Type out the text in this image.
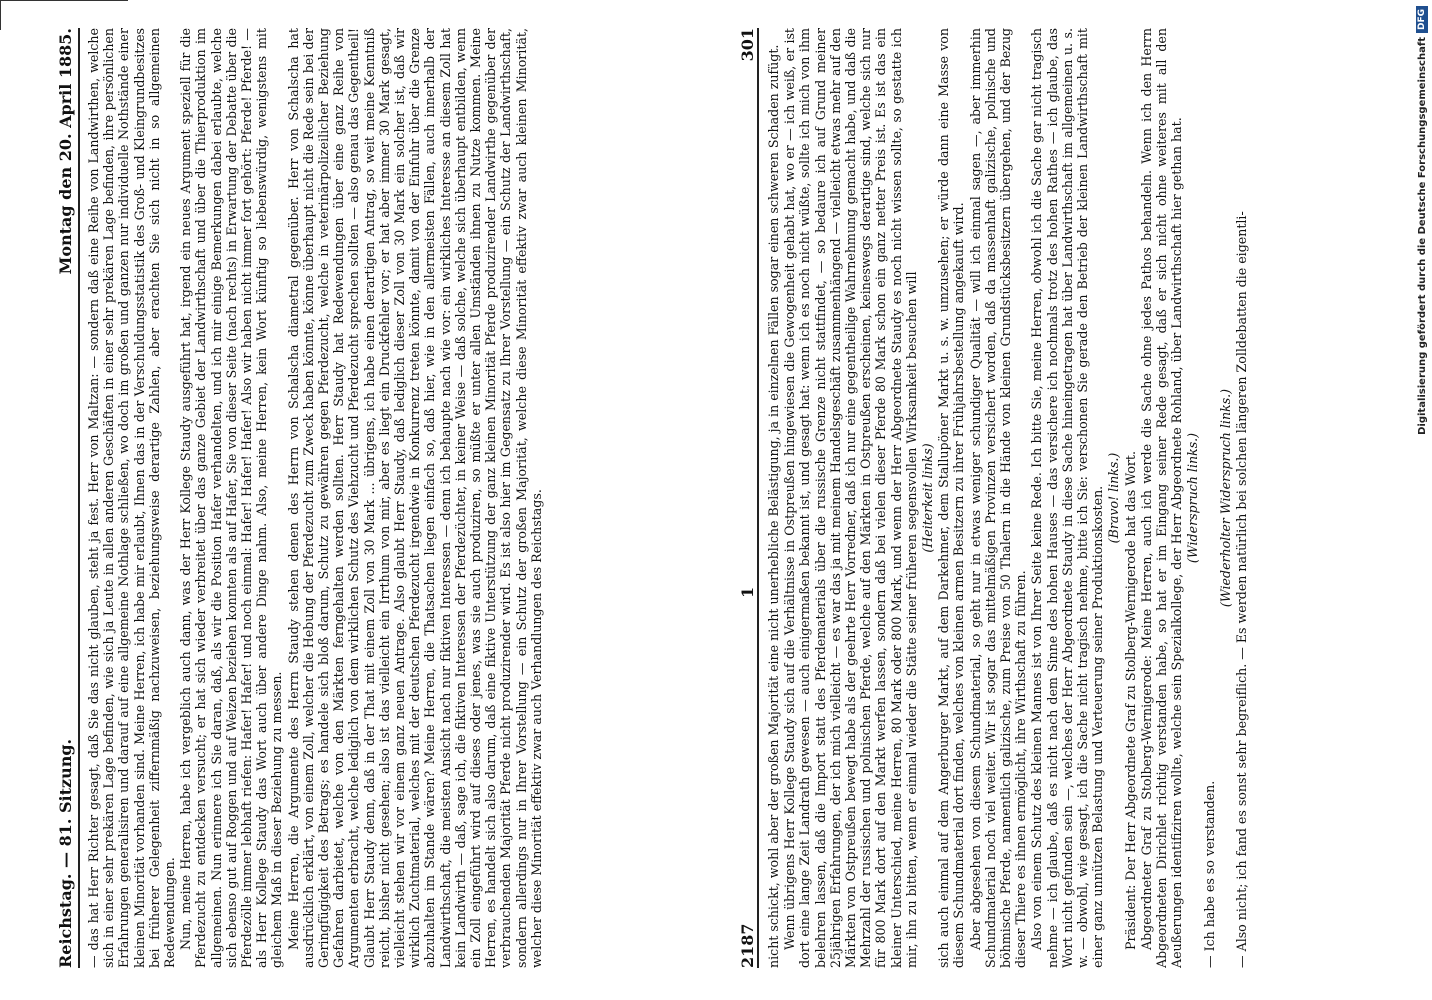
Reichstag. — 81. Sitzung.
Montag den 20. April 1885. — das hat Herr Richter gesagt, daß Sie das nicht glauben, steht ja fest. Herr von Maltzan: — sondern daß eine Reihe von Landwirthen, welche sich in einer sehr prekären Lage befinden, wie sich ja Leute in allen anderen Geschäften in einer sehr prekären Lage befinden, ihre persönlichen Erfahrungen generalisiren und darauf auf eine allgemeine Nothlage schließen, wo doch im großen und ganzen nur individuelle Nothstände einer kleinen Minorität vorhanden sind. Meine Herren, ich habe mir erlaubt, Ihnen das in der Verschuldungsstatistik des Groß- und Kleingrundbesitzes bei früherer Gelegenheit ziffernmäßig nachzuweisen, beziehungsweise derartige Zahlen, aber erachten Sie sich nicht in so allgemeinen Redewendungen. Nun, meine Herren, habe ich vergeblich auch dann, was der Herr Kollege Staudy ausgeführt hat, irgend ein neues Argument speziell für die Pferdezucht zu entdecken versucht; er hat sich wieder verbreitet über das ganze Gebiet der Landwirthschaft und über die Thierproduktion im allgemeinen. Nun erinnere ich Sie daran, daß, als wir die Position Hafer verhandelten, und ich mir einige Bemerkungen dabei erlaubte, welche sich ebenso gut auf Roggen und auf Weizen beziehen konnten als auf Hafer, Sie von dieser Seite (nach rechts) in Erwartung der Debatte über die Pferdezölle immer lebhaft riefen: Hafer! Hafer! und noch einmal: Hafer! Hafer! Hafer! Also wir haben nicht immer fort gehört: Pferde! Pferde! — als Herr Kollege Staudy das Wort auch über andere Dinge nahm. Also, meine Herren, kein Wort künftig so liebenswürdig, wenigstens mit gleichem Maß in dieser Beziehung zu messen. Meine Herren, die Argumente des Herrn Staudy stehen denen des Herrn von Schalscha diametral gegenüber. Herr von Schalscha hat ausdrücklich erklärt, von einem Zoll, welcher die Hebung der Pferdezucht zum Zweck haben könnte, könne überhaupt nicht die Rede sein bei der Geringfügigkeit des Betrags; es handele sich bloß darum, Schutz zu gewähren gegen Pferdezucht, welche in veterinärpolizeilicher Beziehung Gefahren darbietet, welche von den Märkten ferngehalten werden sollten. Herr Staudy hat Redewendungen über eine ganz Reihe von Argumenten erbracht, welche lediglich von dem wirklichen Schutz des Viehzucht und Pferdezucht sprechen sollten — also genau das Gegentheil! Glaubt Herr Staudy denn, daß in der That mit einem Zoll von 30 Mark ... übrigens, ich habe einen derartigen Antrag, so weit meine Kenntniß reicht, bisher nicht gesehen; also ist das vielleicht ein Irrthum von mir, aber es liegt ein Druckfehler vor; er hat aber immer 30 Mark gesagt, vielleicht stehen wir vor einem ganz neuen Antrage. Also glaubt Herr Staudy, daß lediglich dieser Zoll von 30 Mark ein solcher ist, daß wir wirklich Zuchtmaterial, welches mit der deutschen Pferdezucht irgendwie in Konkurrenz treten könnte, damit von der Einfuhr über die Grenze abzuhalten im Stande wären? Meine Herren, die Thatsachen liegen einfach so, daß hier, wie in den allermeisten Fällen, auch innerhalb der Landwirthschaft, die meisten Ansicht nach nur fiktiven Interessen — denn ich behaupte nach wie vor: ein wirkliches Interesse an diesem Zoll hat kein Landwirth — daß, sage ich, die fiktiven Interessen der Pferdezüchter, in keiner Weise — daß solche, welche sich überhaupt entbilden, wenn ein Zoll eingeführt wird auf dieses oder jenes, was sie auch produziren, so müßte er unter allen Umständen ihnen zu Nutze kommen. Meine Herren, es handelt sich also darum, daß eine fiktive Unterstützung der ganz kleinen Minorität Pferde produzirender Landwirthe gegenüber der verbrauchenden Majorität Pferde nicht produzirender wird. Es ist also hier im Gegensatz zu Ihrer Vorstellung — ein Schutz der Landwirthschaft, sondern allerdings nur in Ihrer Vorstellung — ein Schutz der großen Majorität, welche diese Minorität effektiv zwar auch kleinen Minorität, welcher diese Minorität effektiv zwar auch Verhandlungen des Reichstags.	2187
1
301 nicht schickt, wohl aber der großen Majorität eine nicht unerhebliche Belästigung, ja in einzelnen Fällen sogar einen schweren Schaden zufügt. Wenn übrigens Herr Kollege Staudy sich auf die Verhältnisse in Ostpreußen hingewiesen die Gewogenheit gehabt hat, wo er — ich weiß, er ist dort eine lange Zeit Landrath gewesen — auch einigermaßen bekannt ist, und gesagt hat: wenn ich es noch nicht wüßte, sollte ich mich von ihm belehren lassen, daß die Import statt des Pferdematerials über die russische Grenze nicht stattfindet, — so bedaure ich auf Grund meiner 25jährigen Erfahrungen, der ich mich vielleicht — es war das ja mit meinem Handelsgeschäft zusammenhängend — vielleicht etwas mehr auf den Märkten von Ostpreußen bewegt habe als der geehrte Herr Vorredner, daß ich nur eine gegentheilige Wahrnehmung gemacht habe, und daß die Mehrzahl der russischen und polnischen Pferde, welche auf den Märkten in Ostpreußen erscheinen, keineswegs derartige sind, welche sich nur für 800 Mark dort auf den Markt werfen lassen, sondern daß bei vielen dieser Pferde 80 Mark schon ein ganz netter Preis ist. Es ist das ein kleiner Unterschied, meine Herren, 80 Mark oder 800 Mark, und wenn der Herr Abgeordnete Staudy es noch nicht wissen sollte, so gestatte ich mir, ihn zu bitten, wenn er einmal wieder die Stätte seiner früheren segensvollen Wirksamkeit besuchen will (Heiterkeit links) sich auch einmal auf dem Angerburger Markt, auf dem Darkehmer, dem Stallupöner Markt u. s. w. umzusehen; er würde dann eine Masse von diesem Schundmaterial dort finden, welches von kleinen armen Besitzern zu ihrer Frühjahrsbestellung angekauft wird. Aber abgesehen von diesem Schundmaterial, so geht nur in etwas weniger schundiger Qualität — will ich einmal sagen —, aber immerhin Schundmaterial noch viel weiter. Wir ist sogar das mittelmäßigen Provinzen versichert worden, daß da massenhaft galizische, polnische und böhmische Pferde, namentlich galizische, zum Preise von 50 Thalern in die Hände von kleinen Grundstücksbesitzern übergehen, und der Bezug dieser Thiere es ihnen ermöglicht, ihre Wirthschaft zu führen. Also von einem Schutz des kleinen Mannes ist von Ihrer Seite keine Rede. Ich bitte Sie, meine Herren, obwohl ich die Sache gar nicht tragisch nehme — ich glaube, daß es nicht nach dem Sinne des hohen Hauses — das versichere ich nochmals trotz des hohen Rathes — ich glaube, das Wort nicht gefunden sein —, welches der Herr Abgeordnete Staudy in diese Sache hineingetragen hat über Landwirthschaft im allgemeinen u. s. w. — obwohl, wie gesagt, ich die Sache nicht tragisch nehme, bitte ich Sie: verschonen Sie gerade den Betrieb der kleinen Landwirthschaft mit einer ganz unnützen Belastung und Verteuerung seiner Produktionskosten. (Bravo! links.) Präsident: Der Herr Abgeordnete Graf zu Stolberg-Wernigerode hat das Wort. Abgeordneter Graf zu Stolberg-Wernigerode: Meine Herren, auch ich werde die Sache ohne jedes Pathos behandeln. Wenn ich den Herrn Abgeordneten Dirichlet richtig verstanden habe, so hat er im Eingang seiner Rede gesagt, daß er sich nicht ohne weiteres mit all den Aeußerungen identifiziren wollte, welche sein Spezialkollege, der Herr Abgeordnete Rohland, über Landwirthschaft hier gethan hat. (Widerspruch links.)

— Ich habe es so verstanden.

(Wiederholter Widerspruch links.) — Also nicht; ich fand es sonst sehr begreiflich. — Es werden natürlich bei solchen längeren Zolldebatten die eigentli-	Digitalisierung gefördert durch die Deutsche Forschungsgemeinschaft
DFG
